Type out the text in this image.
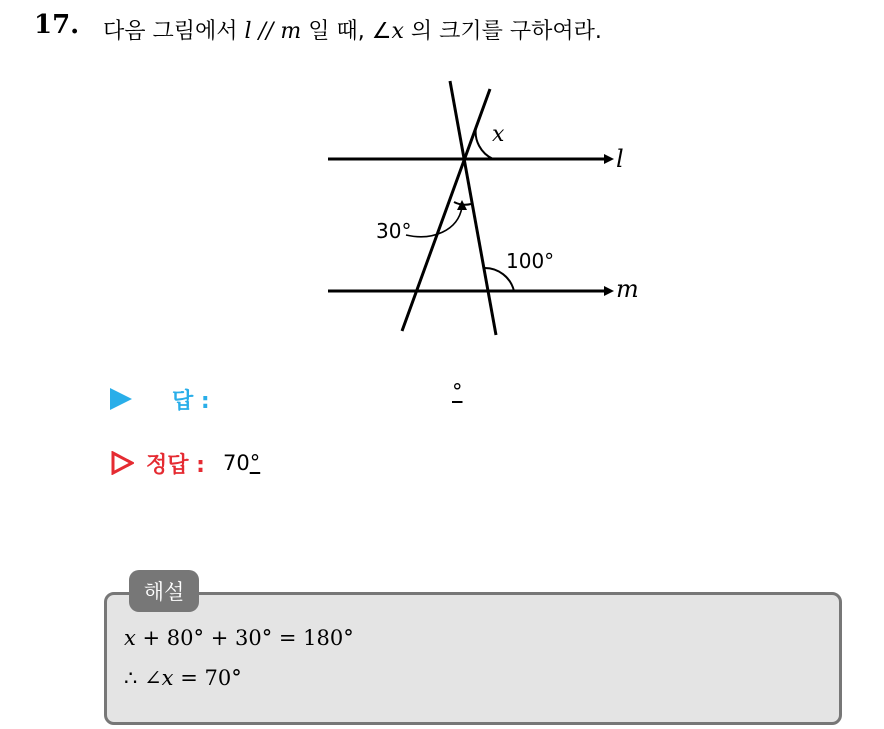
17. 다음 그림에서 l // m 일 때, ∠x 의 크기를 구하여라.
x
30°
100°
l
m
답 :	°
정답 : 70°
해설
x + 80° + 30° = 180°
∴ ∠x = 70°
